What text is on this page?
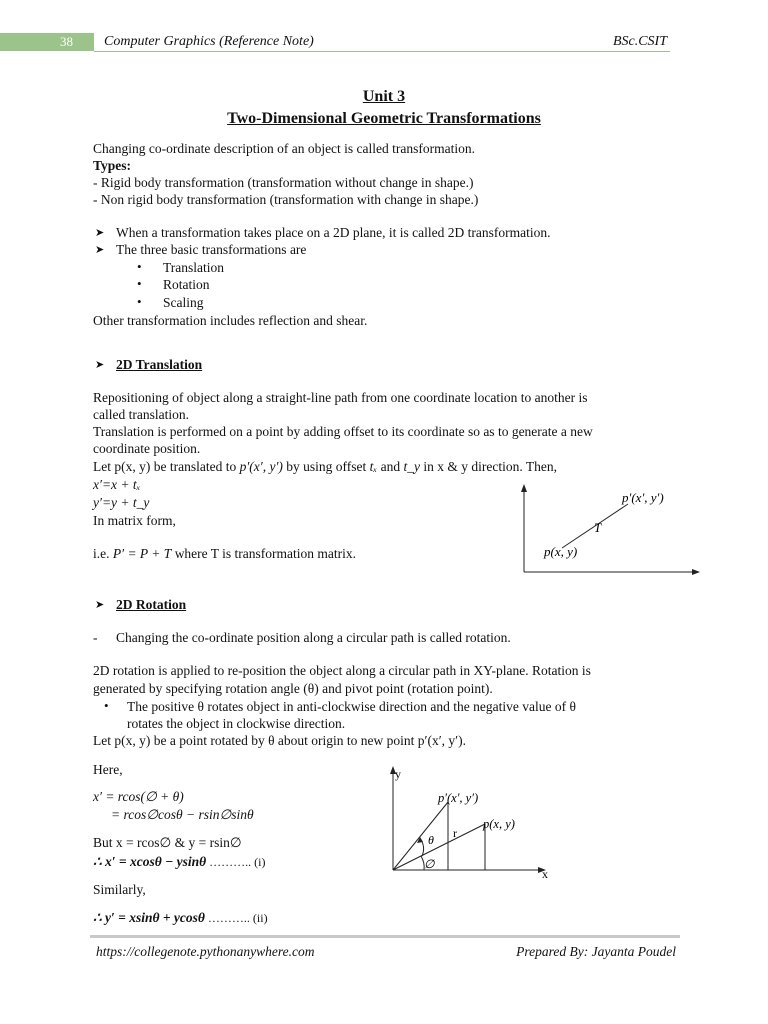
38 Computer Graphics (Reference Note)	BSc.CSIT
Unit 3
Two-Dimensional Geometric Transformations
Changing co-ordinate description of an object is called transformation.
Types:
- Rigid body transformation (transformation without change in shape.)
- Non rigid body transformation (transformation with change in shape.)
➤ When a transformation takes place on a 2D plane, it is called 2D transformation.
➤ The three basic transformations are
• Translation
• Rotation
• Scaling
Other transformation includes reflection and shear.
➤ 2D Translation
Repositioning of object along a straight-line path from one coordinate location to another is
called translation.
Translation is performed on a point by adding offset to its coordinate so as to generate a new
coordinate position.
Let p(x, y) be translated to p′(x′, y′) by using offset tₓ and t_y in x & y direction. Then,
x′=x + tₓ
y′=y + t_y
In matrix form,
i.e. P′ = P + T where T is transformation matrix.	p(x, y)
p′(x′, y′)
T
➤ 2D Rotation
- Changing the co-ordinate position along a circular path is called rotation.
2D rotation is applied to re-position the object along a circular path in XY-plane. Rotation is
generated by specifying rotation angle (θ) and pivot point (rotation point).
• The positive θ rotates object in anti-clockwise direction and the negative value of θ
rotates the object in clockwise direction.
Let p(x, y) be a point rotated by θ about origin to new point p′(x′, y′).
Here,
x′ = rcos(∅ + θ)
= rcos∅cosθ − rsin∅sinθ
But x = rcos∅ & y = rsin∅
∴ x′ = xcosθ − ysinθ ……….. (i)
Similarly,
∴ y′ = xsinθ + ycosθ ……….. (ii)
y
x
p′(x′, y′)
p(x, y)
r
θ
∅
https://collegenote.pythonanywhere.com	Prepared By: Jayanta Poudel
